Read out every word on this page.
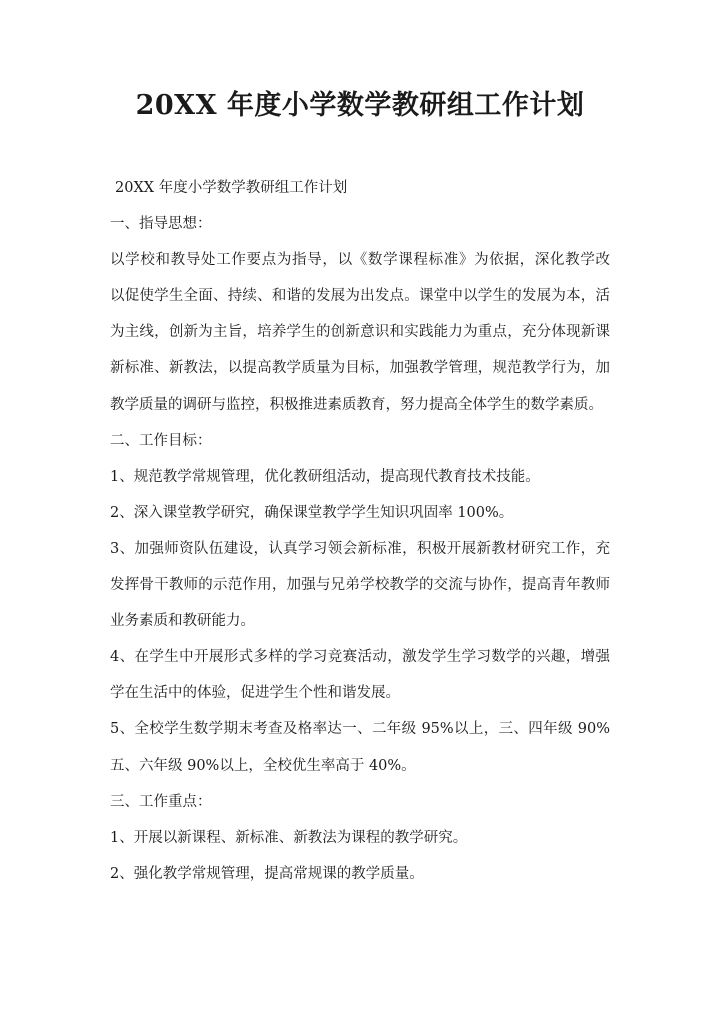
20XX 年度小学数学教研组工作计划
20XX 年度小学数学教研组工作计划
一、指导思想：
以学校和教导处工作要点为指导，以《数学课程标准》为依据，深化教学改
以促使学生全面、持续、和谐的发展为出发点。课堂中以学生的发展为本，活
为主线，创新为主旨，培养学生的创新意识和实践能力为重点，充分体现新课
新标准、新教法，以提高教学质量为目标，加强教学管理，规范教学行为，加
教学质量的调研与监控，积极推进素质教育，努力提高全体学生的数学素质。
二、工作目标：
1、规范教学常规管理，优化教研组活动，提高现代教育技术技能。
2、深入课堂教学研究，确保课堂教学学生知识巩固率 100%。
3、加强师资队伍建设，认真学习领会新标准，积极开展新教材研究工作，充
发挥骨干教师的示范作用，加强与兄弟学校教学的交流与协作，提高青年教师
业务素质和教研能力。
4、在学生中开展形式多样的学习竞赛活动，激发学生学习数学的兴趣，增强
学在生活中的体验，促进学生个性和谐发展。
5、全校学生数学期末考查及格率达一、二年级 95%以上，三、四年级 90%
五、六年级 90%以上，全校优生率高于 40%。
三、工作重点：
1、开展以新课程、新标准、新教法为课程的教学研究。
2、强化教学常规管理，提高常规课的教学质量。
